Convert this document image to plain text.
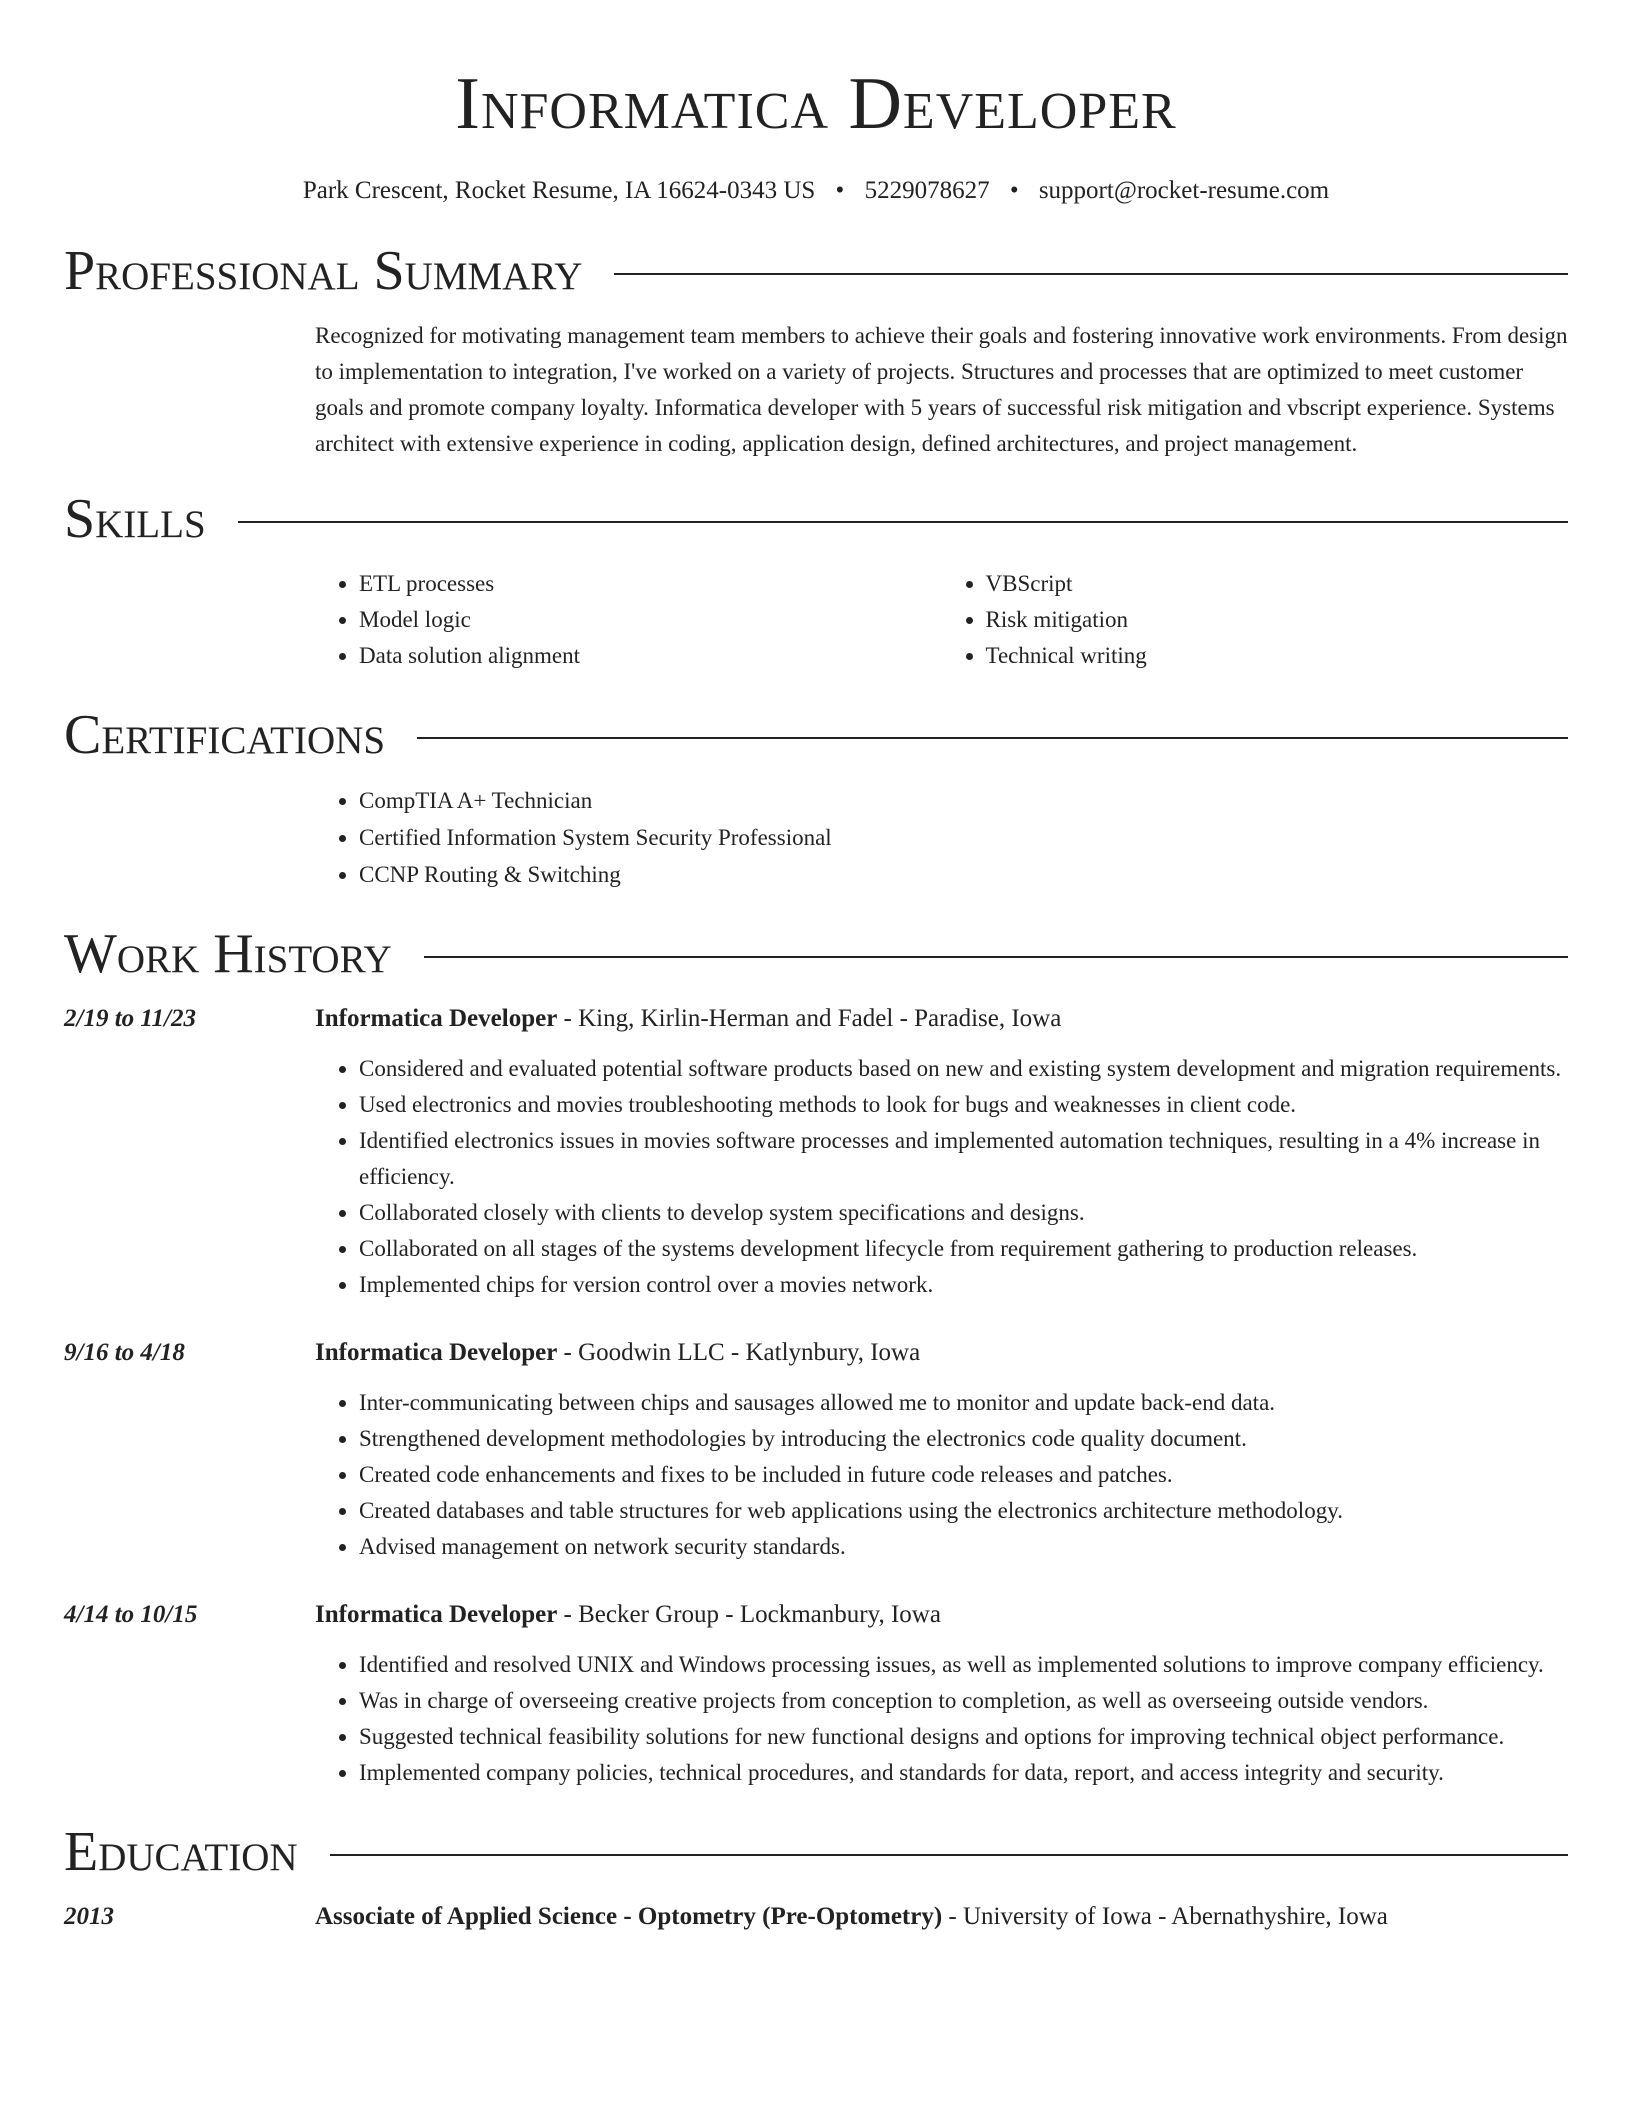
Informatica Developer
Park Crescent, Rocket Resume, IA 16624-0343 US • 5229078627 • support@rocket-resume.com
Professional Summary
Recognized for motivating management team members to achieve their goals and fostering innovative work environments. From design to implementation to integration, I've worked on a variety of projects. Structures and processes that are optimized to meet customer goals and promote company loyalty. Informatica developer with 5 years of successful risk mitigation and vbscript experience. Systems architect with extensive experience in coding, application design, defined architectures, and project management.
Skills
• ETL processes
• Model logic
• Data solution alignment
• VBScript
• Risk mitigation
• Technical writing
Certifications
• CompTIA A+ Technician
• Certified Information System Security Professional
• CCNP Routing & Switching
Work History
2/19 to 11/23	Informatica Developer - King, Kirlin-Herman and Fadel - Paradise, Iowa
• Considered and evaluated potential software products based on new and existing system development and migration requirements.
• Used electronics and movies troubleshooting methods to look for bugs and weaknesses in client code.
• Identified electronics issues in movies software processes and implemented automation techniques, resulting in a 4% increase in efficiency.
• Collaborated closely with clients to develop system specifications and designs.
• Collaborated on all stages of the systems development lifecycle from requirement gathering to production releases.
• Implemented chips for version control over a movies network.
9/16 to 4/18	Informatica Developer - Goodwin LLC - Katlynbury, Iowa
• Inter-communicating between chips and sausages allowed me to monitor and update back-end data.
• Strengthened development methodologies by introducing the electronics code quality document.
• Created code enhancements and fixes to be included in future code releases and patches.
• Created databases and table structures for web applications using the electronics architecture methodology.
• Advised management on network security standards.
4/14 to 10/15	Informatica Developer - Becker Group - Lockmanbury, Iowa
• Identified and resolved UNIX and Windows processing issues, as well as implemented solutions to improve company efficiency.
• Was in charge of overseeing creative projects from conception to completion, as well as overseeing outside vendors.
• Suggested technical feasibility solutions for new functional designs and options for improving technical object performance.
• Implemented company policies, technical procedures, and standards for data, report, and access integrity and security.
Education
2013	Associate of Applied Science - Optometry (Pre-Optometry) - University of Iowa - Abernathyshire, Iowa
